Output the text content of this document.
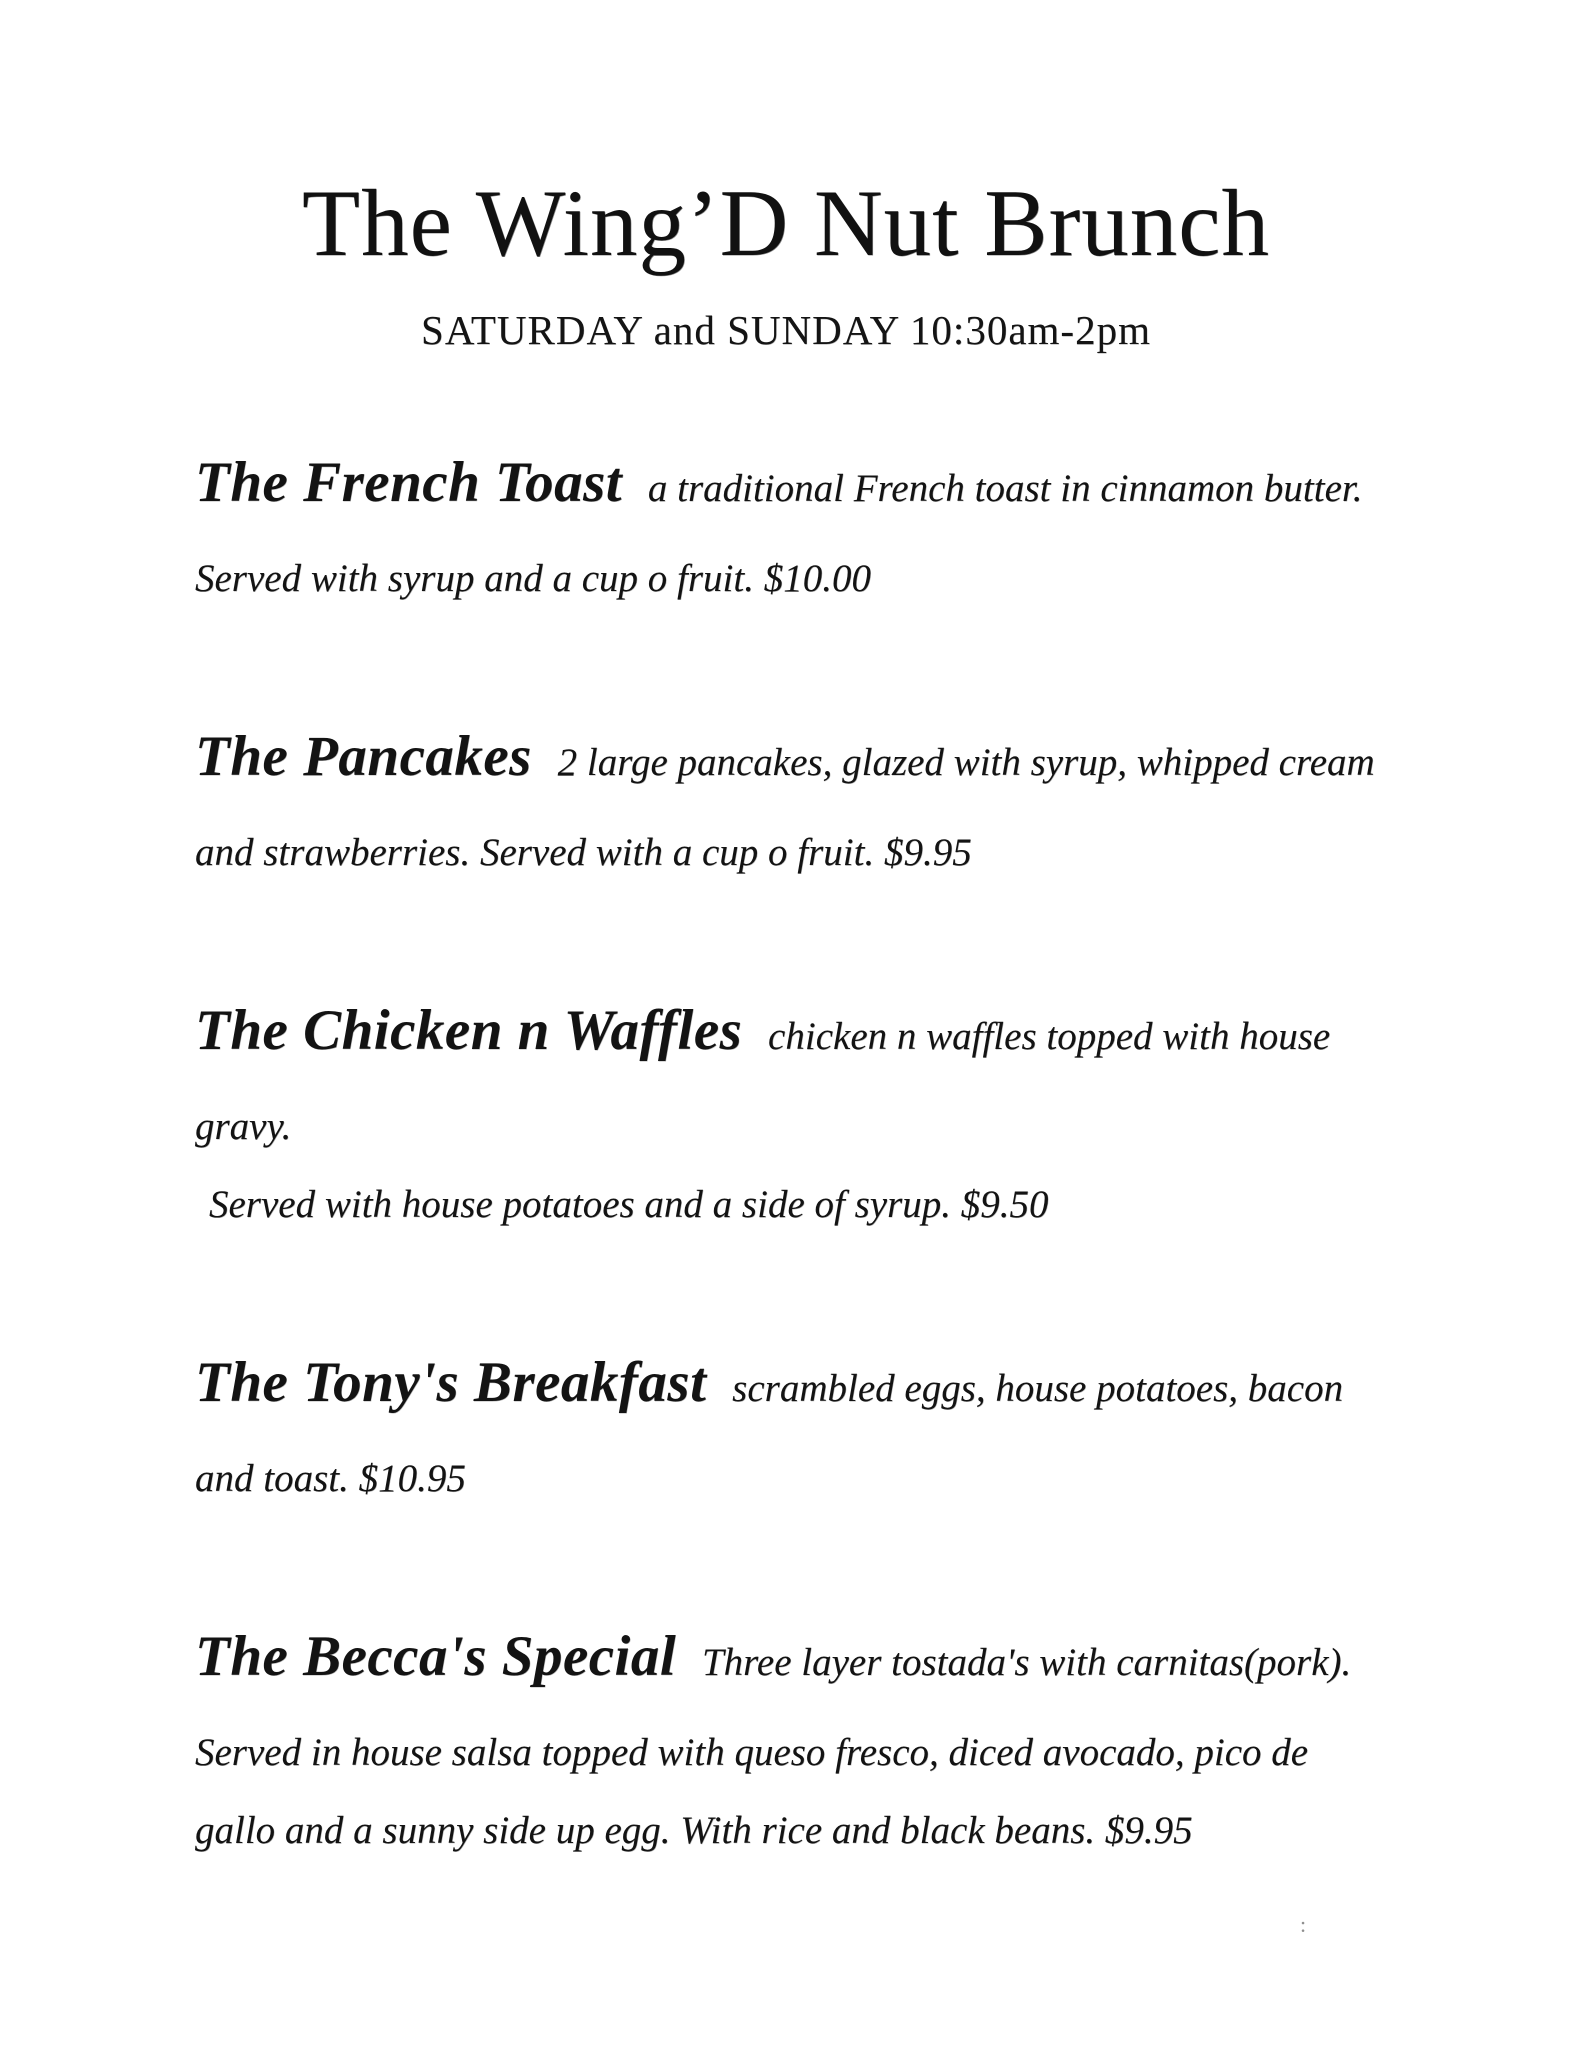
The Wing’D Nut Brunch
SATURDAY and SUNDAY 10:30am-2pm

The French Toast a traditional French toast in cinnamon butter. Served with syrup and a cup o fruit. $10.00

The Pancakes 2 large pancakes, glazed with syrup, whipped cream and strawberries. Served with a cup o fruit. $9.95

The Chicken n Waffles chicken n waffles topped with house gravy.
Served with house potatoes and a side of syrup. $9.50

The Tony's Breakfast scrambled eggs, house potatoes, bacon and toast. $10.95

The Becca's Special Three layer tostada's with carnitas(pork). Served in house salsa topped with queso fresco, diced avocado, pico de gallo and a sunny side up egg. With rice and black beans. $9.95

:
